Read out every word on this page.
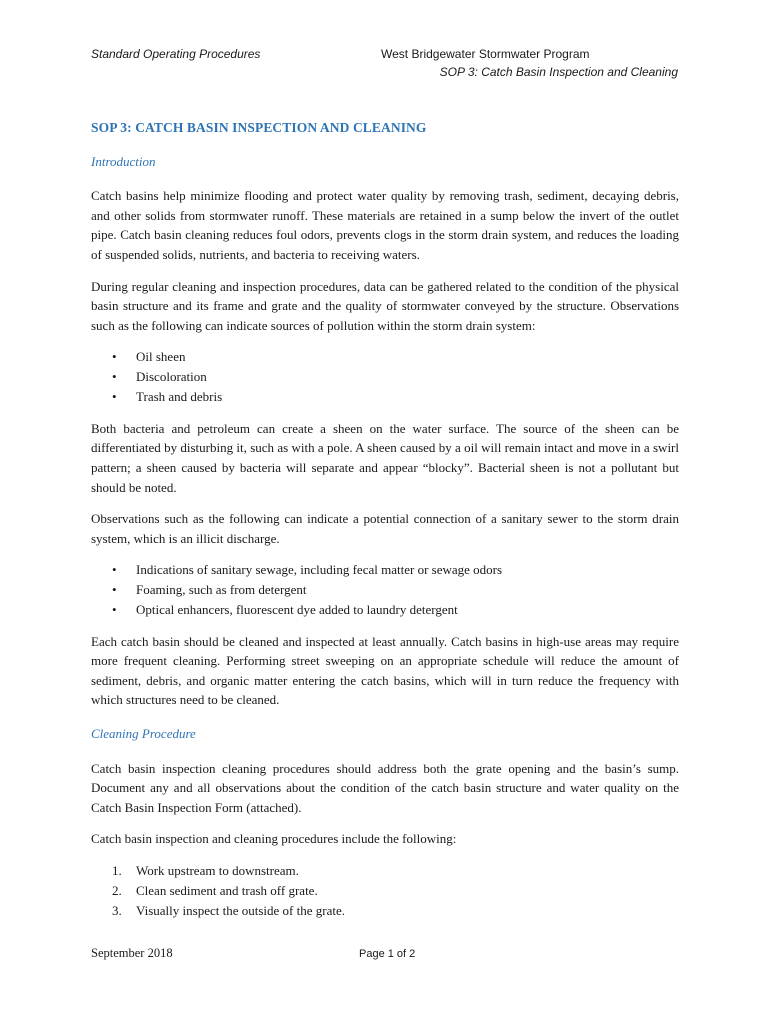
Standard Operating Procedures	West Bridgewater Stormwater Program
SOP 3: Catch Basin Inspection and Cleaning
SOP 3: CATCH BASIN INSPECTION AND CLEANING
Introduction

Catch basins help minimize flooding and protect water quality by removing trash, sediment, decaying debris, and other solids from stormwater runoff. These materials are retained in a sump below the invert of the outlet pipe. Catch basin cleaning reduces foul odors, prevents clogs in the storm drain system, and reduces the loading of suspended solids, nutrients, and bacteria to receiving waters.

During regular cleaning and inspection procedures, data can be gathered related to the condition of the physical basin structure and its frame and grate and the quality of stormwater conveyed by the structure. Observations such as the following can indicate sources of pollution within the storm drain system:

• Oil sheen
• Discoloration
• Trash and debris

Both bacteria and petroleum can create a sheen on the water surface. The source of the sheen can be differentiated by disturbing it, such as with a pole. A sheen caused by a oil will remain intact and move in a swirl pattern; a sheen caused by bacteria will separate and appear “blocky”. Bacterial sheen is not a pollutant but should be noted.

Observations such as the following can indicate a potential connection of a sanitary sewer to the storm drain system, which is an illicit discharge.

• Indications of sanitary sewage, including fecal matter or sewage odors
• Foaming, such as from detergent
• Optical enhancers, fluorescent dye added to laundry detergent

Each catch basin should be cleaned and inspected at least annually. Catch basins in high-use areas may require more frequent cleaning. Performing street sweeping on an appropriate schedule will reduce the amount of sediment, debris, and organic matter entering the catch basins, which will in turn reduce the frequency with which structures need to be cleaned.

Cleaning Procedure

Catch basin inspection cleaning procedures should address both the grate opening and the basin’s sump. Document any and all observations about the condition of the catch basin structure and water quality on the Catch Basin Inspection Form (attached).

Catch basin inspection and cleaning procedures include the following:

1. Work upstream to downstream.
2. Clean sediment and trash off grate.
3. Visually inspect the outside of the grate.
September 2018	Page 1 of 2
